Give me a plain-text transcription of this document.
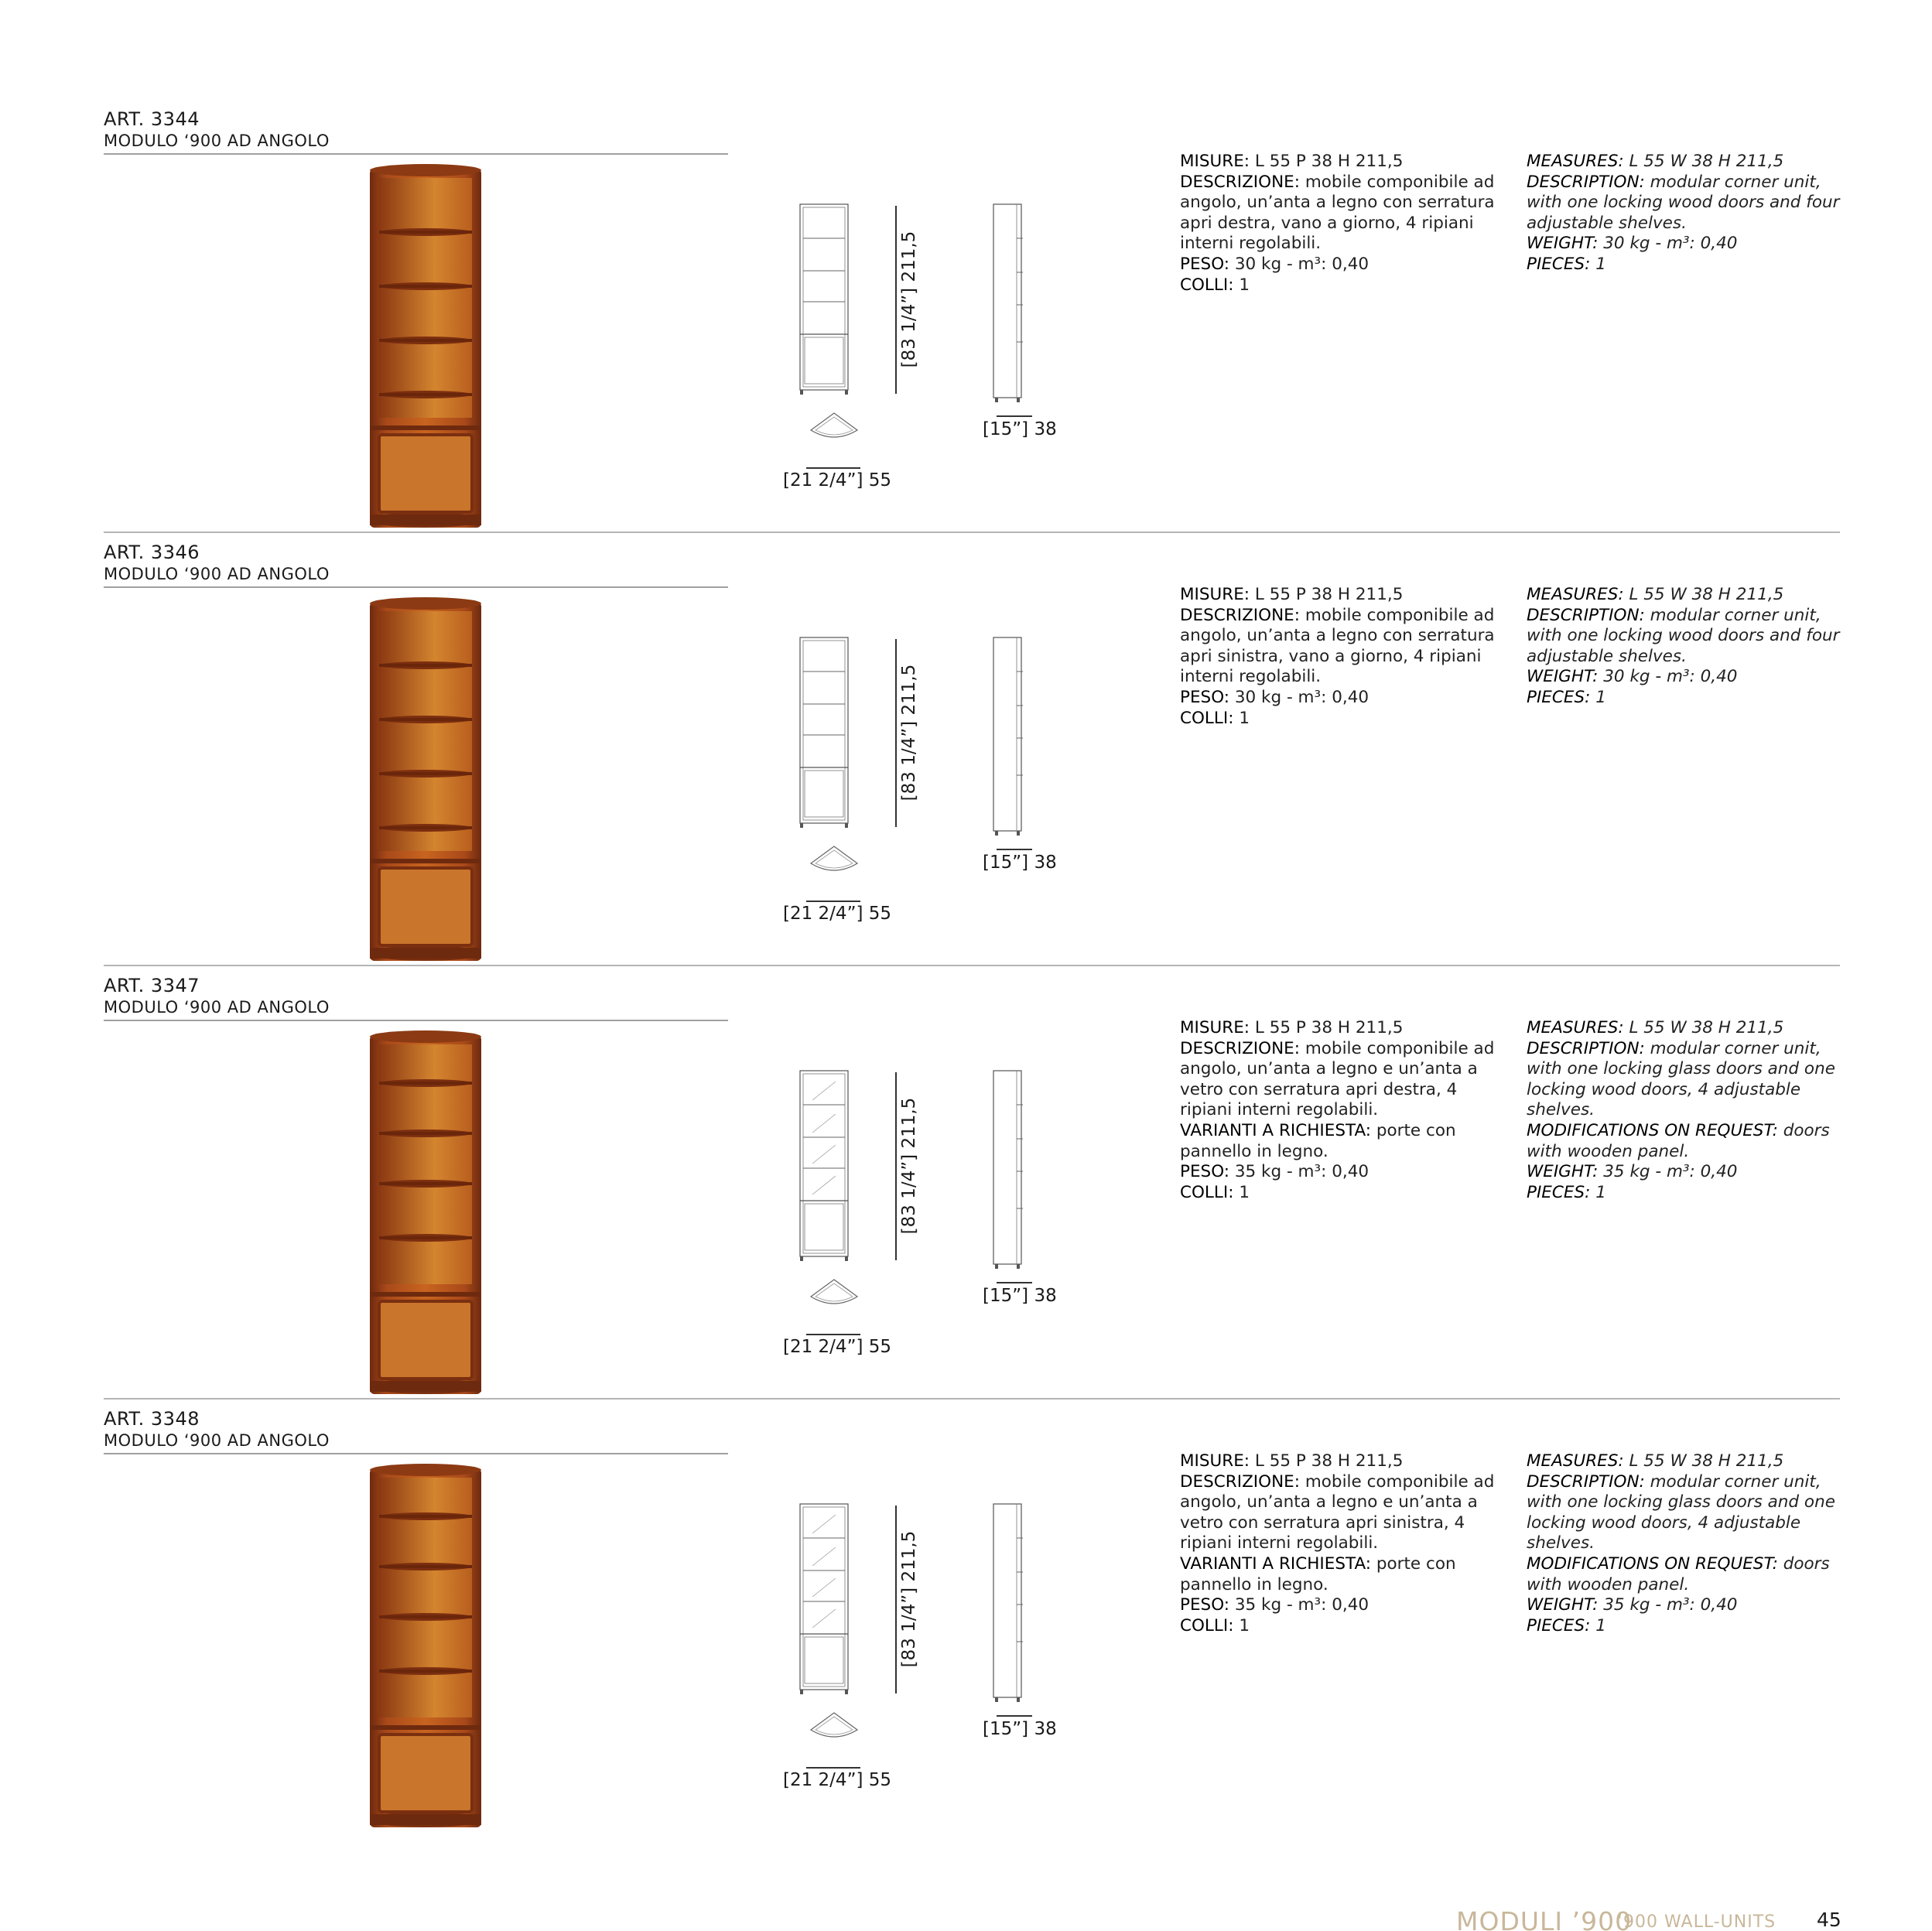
ART. 3344
MODULO ‘900 AD ANGOLO
[83 1/4”] 211,5
[15”] 38
[21 2/4”] 55
MISURE: L 55 P 38 H 211,5
DESCRIZIONE: mobile componibile ad angolo, un’anta a legno con serratura apri destra, vano a giorno, 4 ripiani interni regolabili.
PESO: 30 kg - m³: 0,40
COLLI: 1
MEASURES: L 55 W 38 H 211,5
DESCRIPTION: modular corner unit, with one locking wood doors and four adjustable shelves.
WEIGHT: 30 kg - m³: 0,40
PIECES: 1
ART. 3346
MODULO ‘900 AD ANGOLO
[83 1/4”] 211,5
[15”] 38
[21 2/4”] 55
MISURE: L 55 P 38 H 211,5
DESCRIZIONE: mobile componibile ad angolo, un’anta a legno con serratura apri sinistra, vano a giorno, 4 ripiani interni regolabili.
PESO: 30 kg - m³: 0,40
COLLI: 1
MEASURES: L 55 W 38 H 211,5
DESCRIPTION: modular corner unit, with one locking wood doors and four adjustable shelves.
WEIGHT: 30 kg - m³: 0,40
PIECES: 1
ART. 3347
MODULO ‘900 AD ANGOLO
[83 1/4”] 211,5
[15”] 38
[21 2/4”] 55
MISURE: L 55 P 38 H 211,5
DESCRIZIONE: mobile componibile ad angolo, un’anta a legno e un’anta a vetro con serratura apri destra, 4 ripiani interni regolabili.
VARIANTI A RICHIESTA: porte con pannello in legno.
PESO: 35 kg - m³: 0,40
COLLI: 1
MEASURES: L 55 W 38 H 211,5
DESCRIPTION: modular corner unit, with one locking glass doors and one locking wood doors, 4 adjustable shelves.
MODIFICATIONS ON REQUEST: doors with wooden panel.
WEIGHT: 35 kg - m³: 0,40
PIECES: 1
ART. 3348
MODULO ‘900 AD ANGOLO
[83 1/4”] 211,5
[15”] 38
[21 2/4”] 55
MISURE: L 55 P 38 H 211,5
DESCRIZIONE: mobile componibile ad angolo, un’anta a legno e un’anta a vetro con serratura apri sinistra, 4 ripiani interni regolabili.
VARIANTI A RICHIESTA: porte con pannello in legno.
PESO: 35 kg - m³: 0,40
COLLI: 1
MEASURES: L 55 W 38 H 211,5
DESCRIPTION: modular corner unit, with one locking glass doors and one locking wood doors, 4 adjustable shelves.
MODIFICATIONS ON REQUEST: doors with wooden panel.
WEIGHT: 35 kg - m³: 0,40
PIECES: 1
MODULI ’900
‘900 WALL-UNITS 45
